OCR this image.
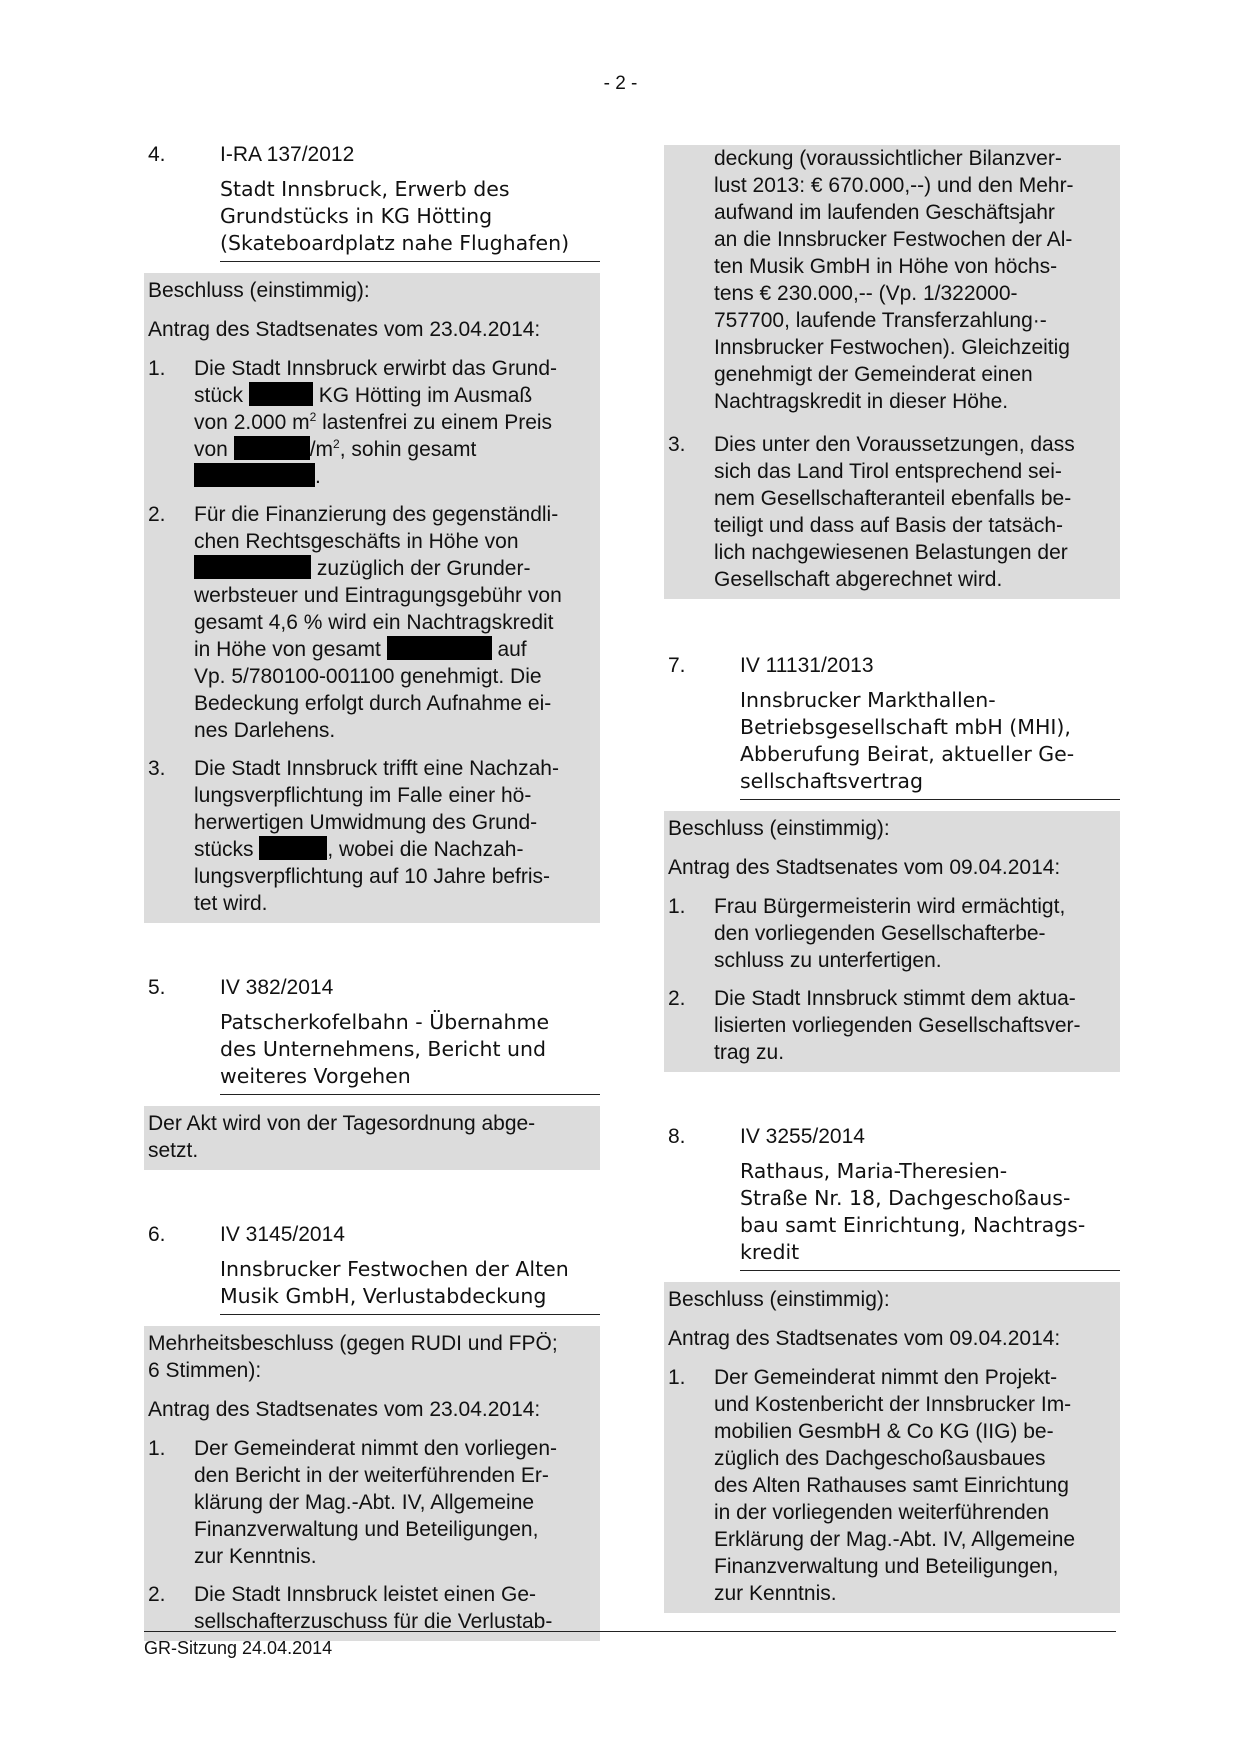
- 2 -
4.	I-RA 137/2012
Stadt Innsbruck, Erwerb des
Grundstücks in KG Hötting
(Skateboardplatz nahe Flughafen)

Beschluss (einstimmig):

Antrag des Stadtsenates vom 23.04.2014:

1. Die Stadt Innsbruck erwirbt das Grund-
stück	KG Hötting im Ausmaß
von 2.000 $m^2$ lastenfrei zu einem Preis
von	$/m^2$, sohin gesamt
.
2. Für die Finanzierung des gegenständli-
chen Rechtsgeschäfts in Höhe von
zuzüglich der Grunder-
werbsteuer und Eintragungsgebühr von
gesamt 4,6 % wird ein Nachtragskredit
in Höhe von gesamt	auf
Vp. 5/780100-001100 genehmigt. Die
Bedeckung erfolgt durch Aufnahme ei-
nes Darlehens.
3. Die Stadt Innsbruck trifft eine Nachzah-
lungsverpflichtung im Falle einer hö-
herwertigen Umwidmung des Grund-
stücks	, wobei die Nachzah-
lungsverpflichtung auf 10 Jahre befris-
tet wird.
5.	IV 382/2014
Patscherkofelbahn - Übernahme
des Unternehmens, Bericht und
weiteres Vorgehen
Der Akt wird von der Tagesordnung abge-
setzt.
6.	IV 3145/2014
Innsbrucker Festwochen der Alten
Musik GmbH, Verlustabdeckung

Mehrheitsbeschluss (gegen RUDI und FPÖ;
6 Stimmen):

Antrag des Stadtsenates vom 23.04.2014:

1. Der Gemeinderat nimmt den vorliegen-
den Bericht in der weiterführenden Er-
klärung der Mag.-Abt. IV, Allgemeine
Finanzverwaltung und Beteiligungen,
zur Kenntnis.
2. Die Stadt Innsbruck leistet einen Ge-
sellschafterzuschuss für die Verlustab-
deckung (voraussichtlicher Bilanzver-
lust 2013: € 670.000,--) und den Mehr-
aufwand im laufenden Geschäftsjahr
an die Innsbrucker Festwochen der Al-
ten Musik GmbH in Höhe von höchs-
tens € 230.000,-- (Vp. 1/322000-
757700, laufende Transferzahlung·-
Innsbrucker Festwochen). Gleichzeitig
genehmigt der Gemeinderat einen
Nachtragskredit in dieser Höhe.
3. Dies unter den Voraussetzungen, dass
sich das Land Tirol entsprechend sei-
nem Gesellschafteranteil ebenfalls be-
teiligt und dass auf Basis der tatsäch-
lich nachgewiesenen Belastungen der
Gesellschaft abgerechnet wird.
7.	IV 11131/2013
Innsbrucker Markthallen-
Betriebsgesellschaft mbH (MHI),
Abberufung Beirat, aktueller Ge-
sellschaftsvertrag

Beschluss (einstimmig):

Antrag des Stadtsenates vom 09.04.2014:

1. Frau Bürgermeisterin wird ermächtigt,
den vorliegenden Gesellschafterbe-
schluss zu unterfertigen.
2. Die Stadt Innsbruck stimmt dem aktua-
lisierten vorliegenden Gesellschaftsver-
trag zu.
8.	IV 3255/2014
Rathaus, Maria-Theresien-
Straße Nr. 18, Dachgeschoßaus-
bau samt Einrichtung, Nachtrags-
kredit

Beschluss (einstimmig):

Antrag des Stadtsenates vom 09.04.2014:

1. Der Gemeinderat nimmt den Projekt-
und Kostenbericht der Innsbrucker Im-
mobilien GesmbH & Co KG (IIG) be-
züglich des Dachgeschoßausbaues
des Alten Rathauses samt Einrichtung
in der vorliegenden weiterführenden
Erklärung der Mag.-Abt. IV, Allgemeine
Finanzverwaltung und Beteiligungen,
zur Kenntnis.
GR-Sitzung 24.04.2014
